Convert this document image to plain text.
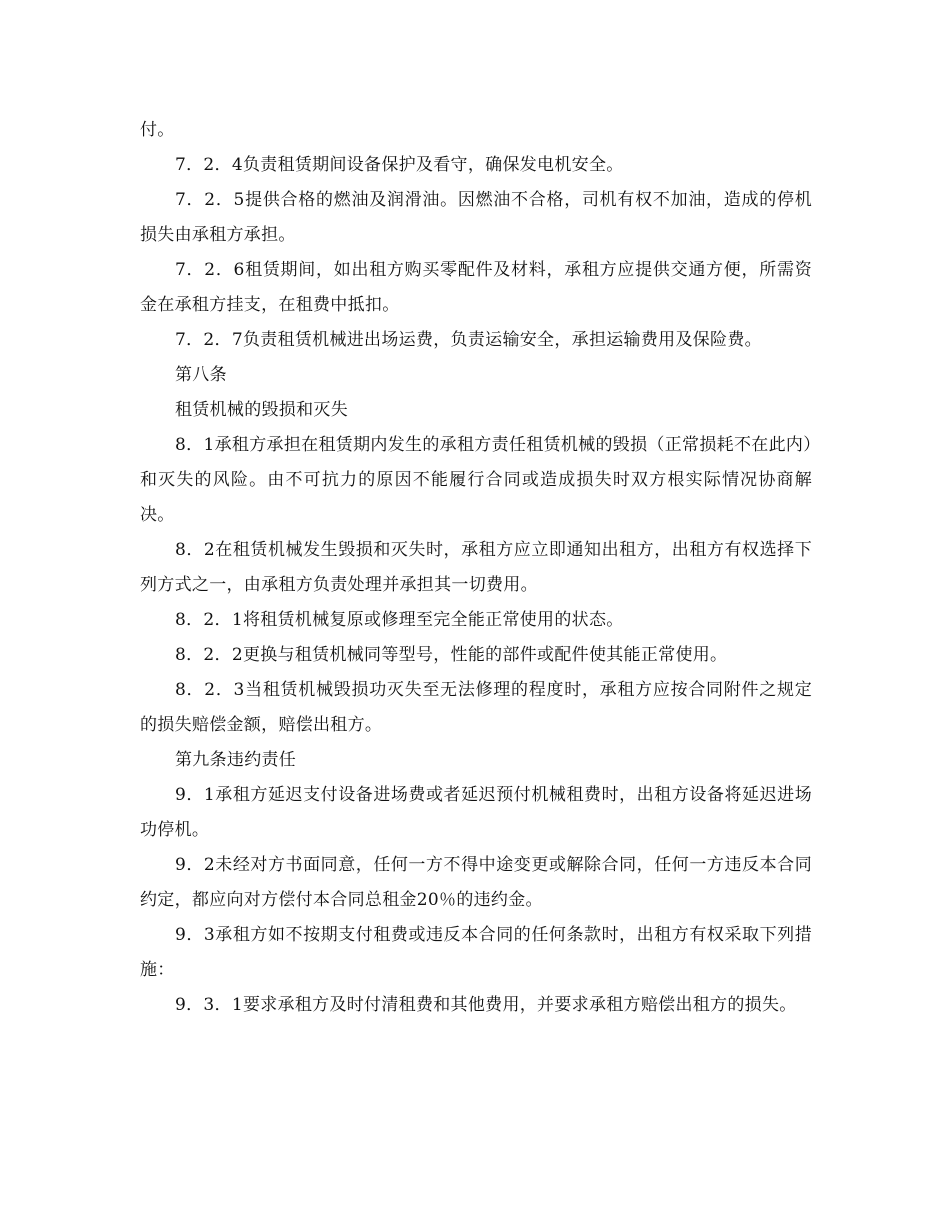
付。

7．2．4负责租赁期间设备保护及看守，确保发电机安全。

7．2．5提供合格的燃油及润滑油。因燃油不合格，司机有权不加油，造成的停机损失由承租方承担。

7．2．6租赁期间，如出租方购买零配件及材料，承租方应提供交通方便，所需资金在承租方挂支，在租费中抵扣。

7．2．7负责租赁机械进出场运费，负责运输安全，承担运输费用及保险费。

第八条

租赁机械的毁损和灭失

8．1承租方承担在租赁期内发生的承租方责任租赁机械的毁损（正常损耗不在此内）和灭失的风险。由不可抗力的原因不能履行合同或造成损失时双方根实际情况协商解决。

8．2在租赁机械发生毁损和灭失时，承租方应立即通知出租方，出租方有权选择下列方式之一，由承租方负责处理并承担其一切费用。

8．2．1将租赁机械复原或修理至完全能正常使用的状态。

8．2．2更换与租赁机械同等型号，性能的部件或配件使其能正常使用。

8．2．3当租赁机械毁损功灭失至无法修理的程度时，承租方应按合同附件之规定的损失赔偿金额，赔偿出租方。

第九条违约责任

9．1承租方延迟支付设备进场费或者延迟预付机械租费时，出租方设备将延迟进场功停机。

9．2未经对方书面同意，任何一方不得中途变更或解除合同，任何一方违反本合同约定，都应向对方偿付本合同总租金20％的违约金。

9．3承租方如不按期支付租费或违反本合同的任何条款时，出租方有权采取下列措施：

9．3．1要求承租方及时付清租费和其他费用，并要求承租方赔偿出租方的损失。
